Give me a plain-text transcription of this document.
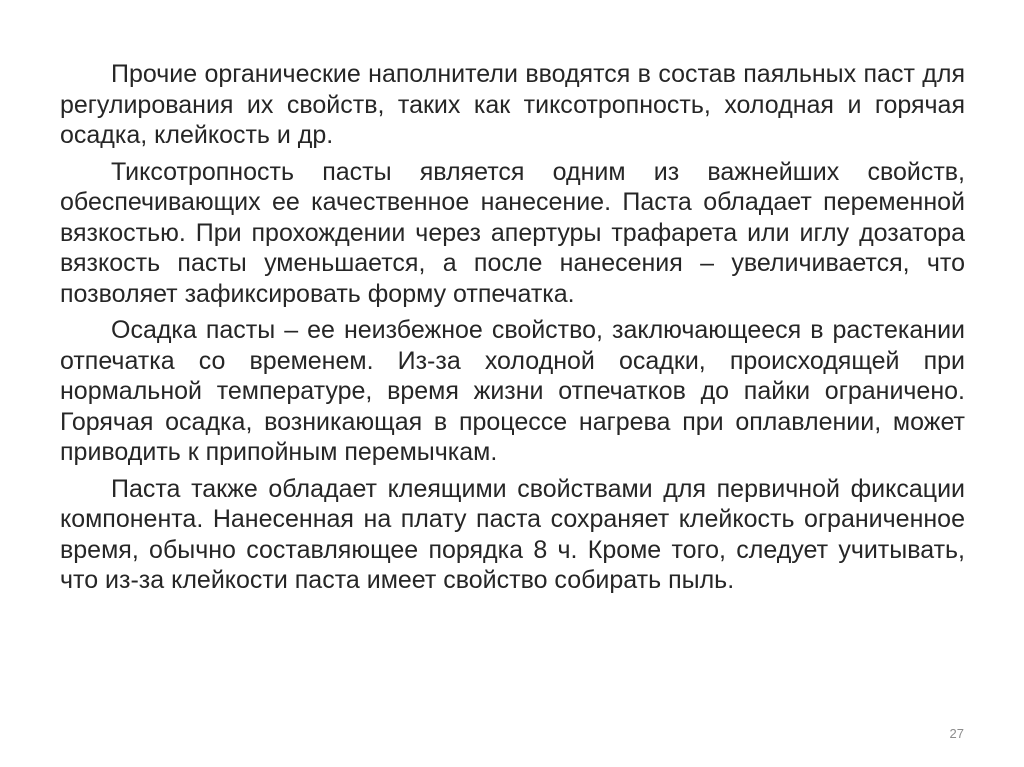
Прочие органические наполнители вводятся в состав паяльных паст для регулирования их свойств, таких как тиксотропность, холодная и горячая осадка, клейкость и др.

Тиксотропность пасты является одним из важнейших свойств, обеспечивающих ее качественное нанесение. Паста обладает переменной вязкостью. При прохождении через апертуры трафарета или иглу дозатора вязкость пасты уменьшается, а после нанесения – увеличивается, что позволяет зафиксировать форму отпечатка.

Осадка пасты – ее неизбежное свойство, заключающееся в растекании отпечатка со временем. Из-за холодной осадки, происходящей при нормальной температуре, время жизни отпечатков до пайки ограничено. Горячая осадка, возникающая в процессе нагрева при оплавлении, может приводить к припойным перемычкам.

Паста также обладает клеящими свойствами для первичной фиксации компонента. Нанесенная на плату паста сохраняет клейкость ограниченное время, обычно составляющее порядка 8 ч. Кроме того, следует учитывать, что из-за клейкости паста имеет свойство собирать пыль.

27
